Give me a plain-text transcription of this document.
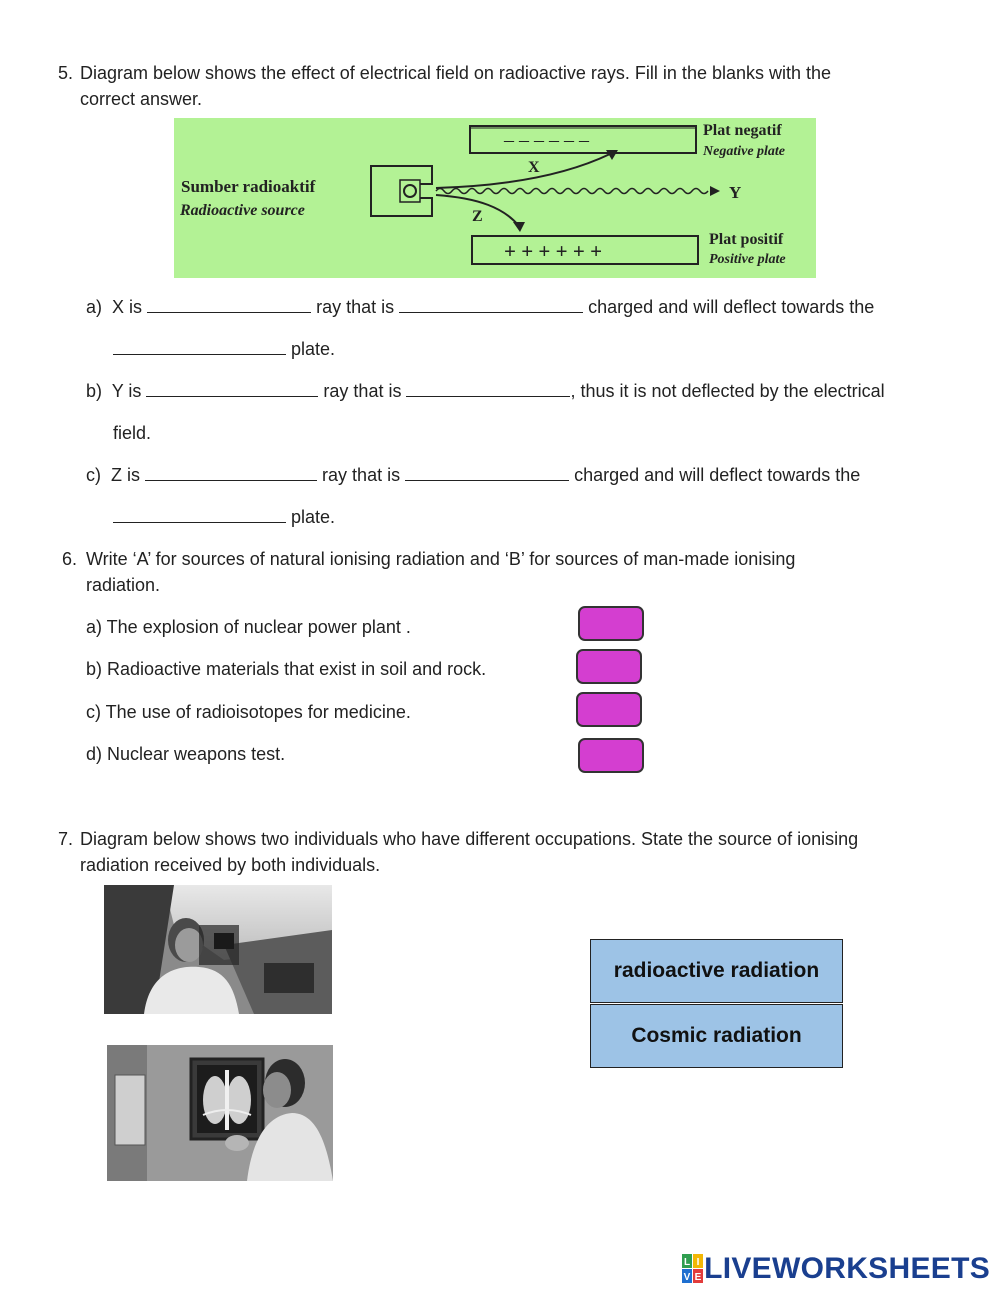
5. Diagram below shows the effect of electrical field on radioactive rays. Fill in the blanks with the
correct answer.
– – – – – –
+ + + + + +
Y
X
Z
Sumber radioaktif
Radioactive source
Plat negatif
Negative plate
Plat positif
Positive plate
a) X is	ray that is	charged and will deflect towards the
plate.
b) Y is	ray that is	, thus it is not deflected by the electrical
field.
c) Z is	ray that is	charged and will deflect towards the
plate.
6. Write ‘A’ for sources of natural ionising radiation and ‘B’ for sources of man-made ionising
radiation.
a) The explosion of nuclear power plant .
b) Radioactive materials that exist in soil and rock.
c) The use of radioisotopes for medicine.
d) Nuclear weapons test.
7. Diagram below shows two individuals who have different occupations. State the source of ionising
radiation received by both individuals.
radioactive radiation
Cosmic radiation
L I
V E LIVEWORKSHEETS
